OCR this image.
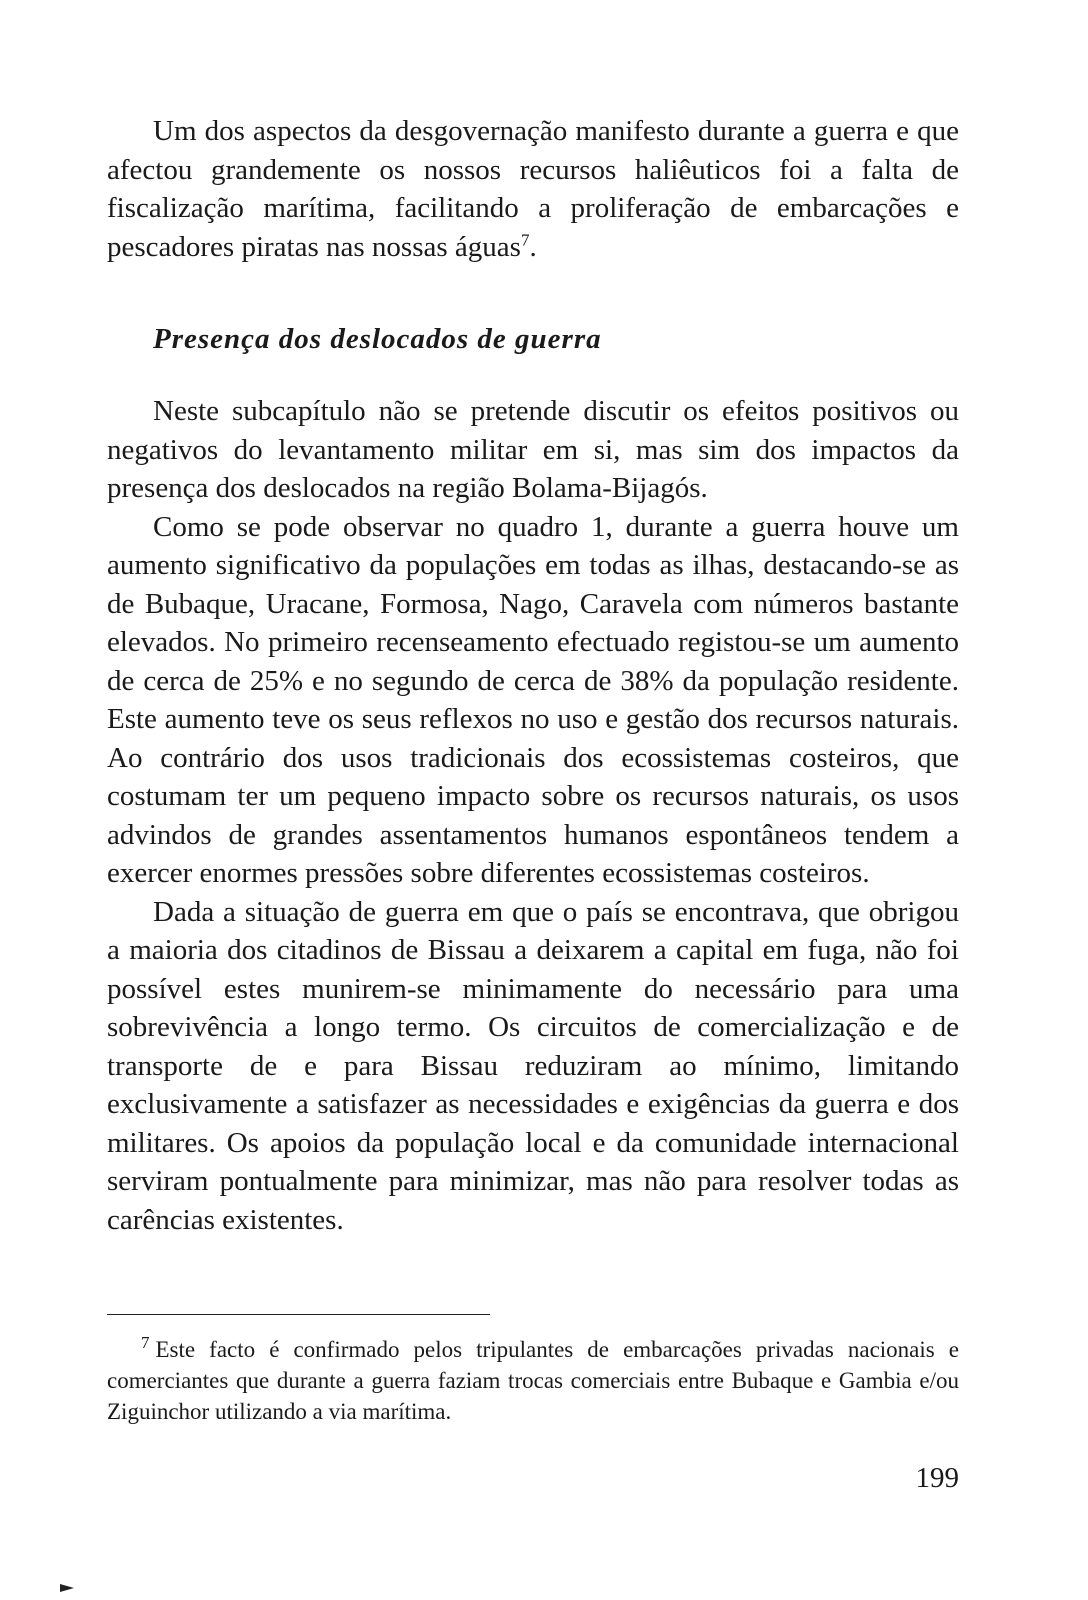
Um dos aspectos da desgovernação manifesto durante a guerra e que afectou grandemente os nossos recursos haliêuticos foi a falta de fiscalização marítima, facilitando a proliferação de embarcações e pescadores piratas nas nossas águas$^7$.

Presença dos deslocados de guerra

Neste subcapítulo não se pretende discutir os efeitos positivos ou negativos do levantamento militar em si, mas sim dos impactos da presença dos deslocados na região Bolama-Bijagós.

Como se pode observar no quadro 1, durante a guerra houve um aumento significativo da populações em todas as ilhas, destacando-se as de Bubaque, Uracane, Formosa, Nago, Caravela com números bastante elevados. No primeiro recenseamento efectuado registou-se um aumento de cerca de 25% e no segundo de cerca de 38% da população residente. Este aumento teve os seus reflexos no uso e gestão dos recursos naturais. Ao contrário dos usos tradicionais dos ecossistemas costeiros, que costumam ter um pequeno impacto sobre os recursos naturais, os usos advindos de grandes assentamentos humanos espontâneos tendem a exercer enormes pressões sobre diferentes ecossistemas costeiros.

Dada a situação de guerra em que o país se encontrava, que obrigou a maioria dos citadinos de Bissau a deixarem a capital em fuga, não foi possível estes munirem-se minimamente do necessário para uma sobrevivência a longo termo. Os circuitos de comercialização e de transporte de e para Bissau reduziram ao mínimo, limitando exclusivamente a satisfazer as necessidades e exigências da guerra e dos militares. Os apoios da população local e da comunidade internacional serviram pontualmente para minimizar, mas não para resolver todas as carências existentes.

$^7$ Este facto é confirmado pelos tripulantes de embarcações privadas nacionais e comerciantes que durante a guerra faziam trocas comerciais entre Bubaque e Gambia e/ou Ziguinchor utilizando a via marítima.

199
